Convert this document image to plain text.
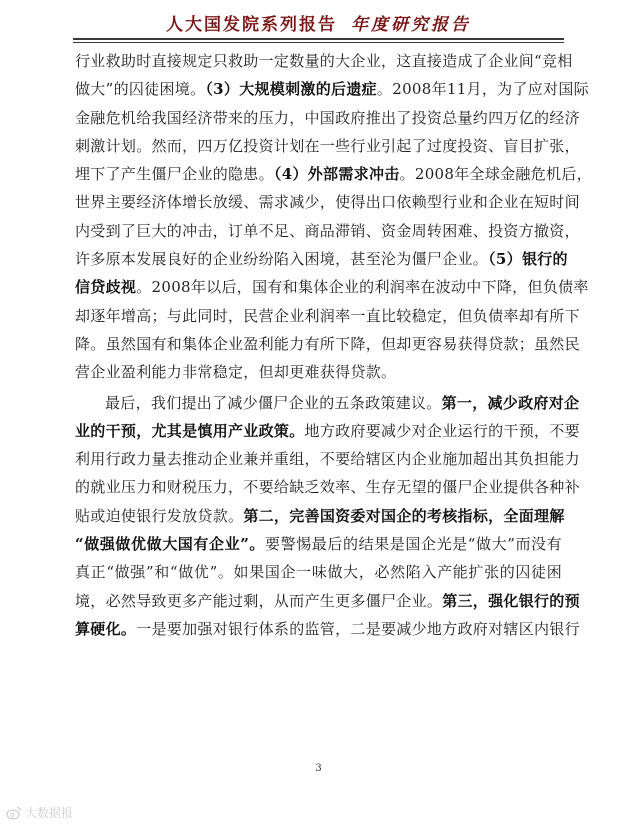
人大国发院系列报告 年度研究报告
行业救助时直接规定只救助一定数量的大企业，这直接造成了企业间“竞相
做大”的囚徒困境。（3）大规模刺激的后遗症。2008年11月，为了应对国际
金融危机给我国经济带来的压力，中国政府推出了投资总量约四万亿的经济
刺激计划。然而，四万亿投资计划在一些行业引起了过度投资、盲目扩张，
埋下了产生僵尸企业的隐患。（4）外部需求冲击。2008年全球金融危机后，
世界主要经济体增长放缓、需求减少，使得出口依赖型行业和企业在短时间
内受到了巨大的冲击，订单不足、商品滞销、资金周转困难、投资方撤资，
许多原本发展良好的企业纷纷陷入困境，甚至沦为僵尸企业。（5）银行的
信贷歧视。2008年以后，国有和集体企业的利润率在波动中下降，但负债率
却逐年增高；与此同时，民营企业利润率一直比较稳定，但负债率却有所下
降。虽然国有和集体企业盈利能力有所下降，但却更容易获得贷款；虽然民
营企业盈利能力非常稳定，但却更难获得贷款。
最后，我们提出了减少僵尸企业的五条政策建议。第一，减少政府对企
业的干预，尤其是慎用产业政策。地方政府要减少对企业运行的干预，不要
利用行政力量去推动企业兼并重组，不要给辖区内企业施加超出其负担能力
的就业压力和财税压力，不要给缺乏效率、生存无望的僵尸企业提供各种补
贴或迫使银行发放贷款。第二，完善国资委对国企的考核指标，全面理解
“做强做优做大国有企业”。要警惕最后的结果是国企光是“做大”而没有
真正“做强”和“做优”。如果国企一味做大，必然陷入产能扩张的囚徒困
境，必然导致更多产能过剩，从而产生更多僵尸企业。第三，强化银行的预
算硬化。一是要加强对银行体系的监管，二是要减少地方政府对辖区内银行
3
大数据报
